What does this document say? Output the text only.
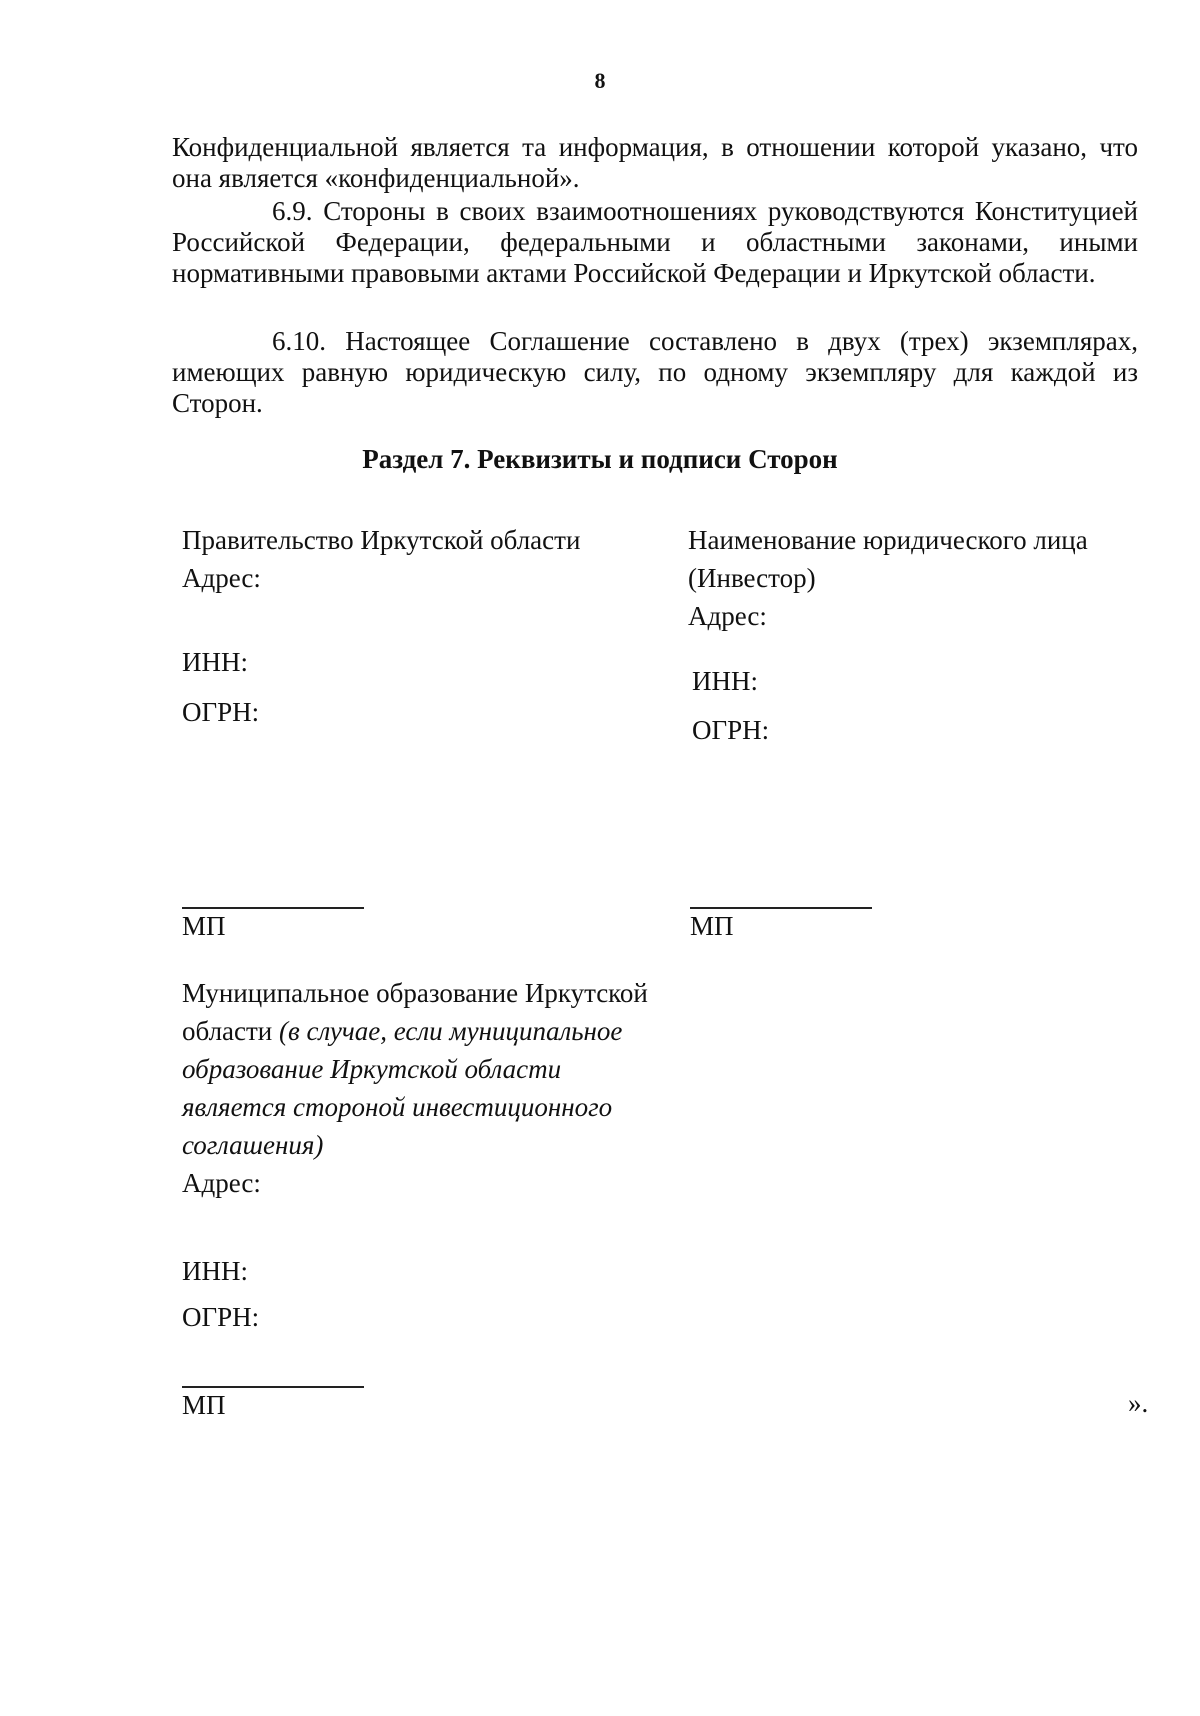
8

Конфиденциальной является та информация, в отношении которой указано, что она является «конфиденциальной».

6.9. Стороны в своих взаимоотношениях руководствуются Конституцией Российской Федерации, федеральными и областными законами, иными нормативными правовыми актами Российской Федерации и Иркутской области.

6.10. Настоящее Соглашение составлено в двух (трех) экземплярах, имеющих равную юридическую силу, по одному экземпляру для каждой из Сторон.

Раздел 7. Реквизиты и подписи Сторон
Правительство Иркутской области
Адрес:
ИНН:
ОГРН:
МП
Наименование юридического лица
(Инвестор)
Адрес:
ИНН:
ОГРН:
МП
Муниципальное образование Иркутской
области (в случае, если муниципальное
образование Иркутской области
является стороной инвестиционного
соглашения)
Адрес:
ИНН:
ОГРН:
МП	».
